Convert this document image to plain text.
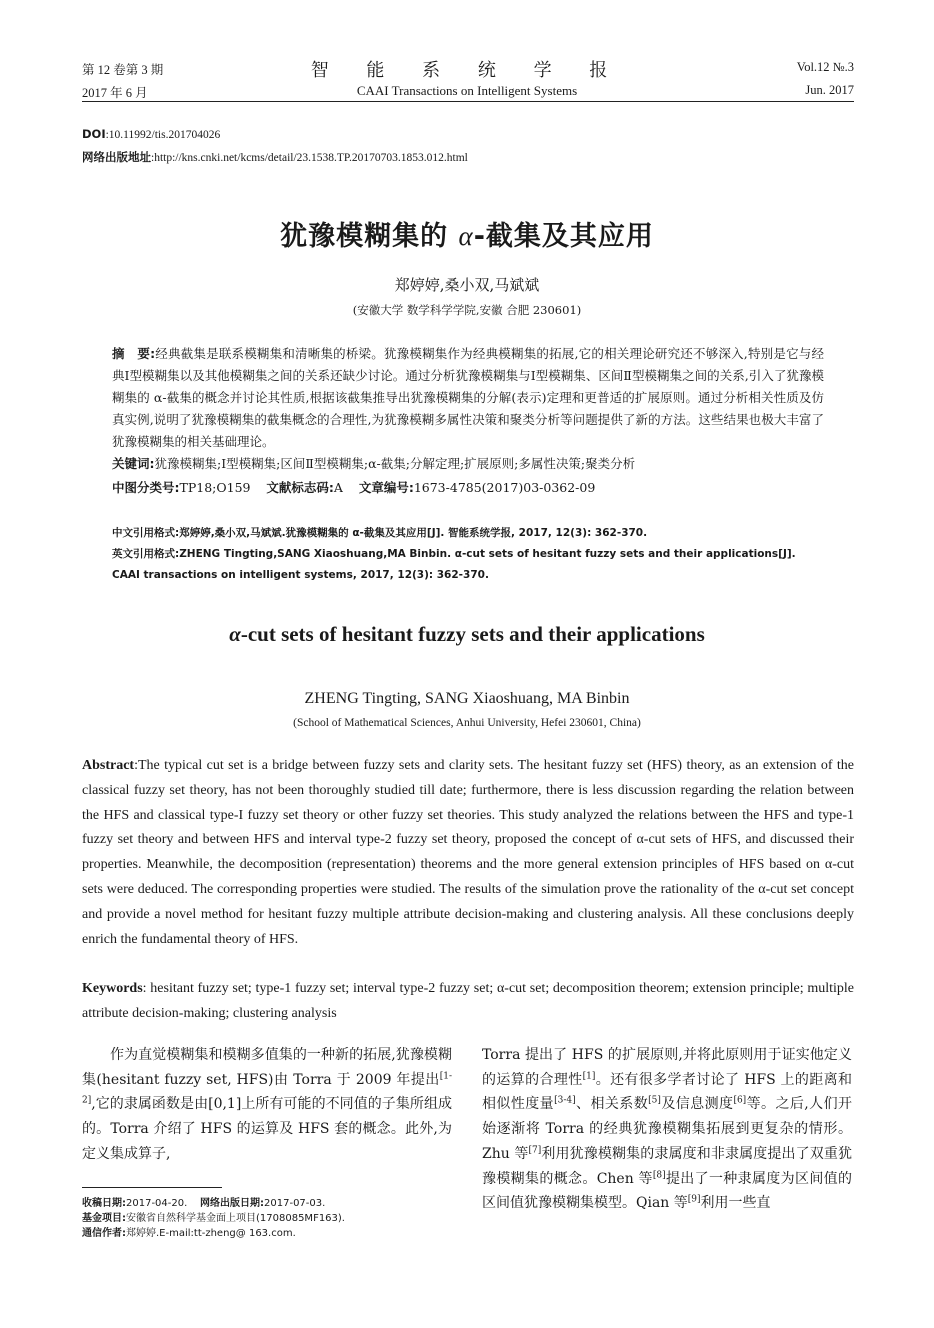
第 12 卷第 3 期
2017 年 6 月
智 能 系 统 学 报
CAAI Transactions on Intelligent Systems
Vol.12 №.3
Jun. 2017
DOI:10.11992/tis.201704026
网络出版地址:http://kns.cnki.net/kcms/detail/23.1538.TP.20170703.1853.012.html
犹豫模糊集的 α-截集及其应用
郑婷婷,桑小双,马斌斌
(安徽大学 数学科学学院,安徽 合肥 230601)
摘　要:经典截集是联系模糊集和清晰集的桥梁。犹豫模糊集作为经典模糊集的拓展,它的相关理论研究还不够深入,特别是它与经典Ⅰ型模糊集以及其他模糊集之间的关系还缺少讨论。通过分析犹豫模糊集与Ⅰ型模糊集、区间Ⅱ型模糊集之间的关系,引入了犹豫模糊集的 α-截集的概念并讨论其性质,根据该截集推导出犹豫模糊集的分解(表示)定理和更普适的扩展原则。通过分析相关性质及仿真实例,说明了犹豫模糊集的截集概念的合理性,为犹豫模糊多属性决策和聚类分析等问题提供了新的方法。这些结果也极大丰富了犹豫模糊集的相关基础理论。
关键词:犹豫模糊集;Ⅰ型模糊集;区间Ⅱ型模糊集;α-截集;分解定理;扩展原则;多属性决策;聚类分析
中图分类号:TP18;O159 文献标志码:A 文章编号:1673-4785(2017)03-0362-09
中文引用格式:郑婷婷,桑小双,马斌斌.犹豫模糊集的 α-截集及其应用[J]. 智能系统学报, 2017, 12(3): 362-370.
英文引用格式:ZHENG Tingting,SANG Xiaoshuang,MA Binbin. α-cut sets of hesitant fuzzy sets and their applications[J]. CAAI transactions on intelligent systems, 2017, 12(3): 362-370.
α-cut sets of hesitant fuzzy sets and their applications
ZHENG Tingting, SANG Xiaoshuang, MA Binbin
(School of Mathematical Sciences, Anhui University, Hefei 230601, China)
Abstract:The typical cut set is a bridge between fuzzy sets and clarity sets. The hesitant fuzzy set (HFS) theory, as an extension of the classical fuzzy set theory, has not been thoroughly studied till date; furthermore, there is less discussion regarding the relation between the HFS and classical type-I fuzzy set theory or other fuzzy set theories. This study analyzed the relations between the HFS and type-1 fuzzy set theory and between HFS and interval type-2 fuzzy set theory, proposed the concept of α-cut sets of HFS, and discussed their properties. Meanwhile, the decomposition (representation) theorems and the more general extension principles of HFS based on α-cut sets were deduced. The corresponding properties were studied. The results of the simulation prove the rationality of the α-cut set concept and provide a novel method for hesitant fuzzy multiple attribute decision-making and clustering analysis. All these conclusions deeply enrich the fundamental theory of HFS.
Keywords: hesitant fuzzy set; type-1 fuzzy set; interval type-2 fuzzy set; α-cut set; decomposition theorem; extension principle; multiple attribute decision-making; clustering analysis

作为直觉模糊集和模糊多值集的一种新的拓展,犹豫模糊集(hesitant fuzzy set, HFS)由 Torra 于 2009 年提出[1-2],它的隶属函数是由[0,1]上所有可能的不同值的子集所组成的。Torra 介绍了 HFS 的运算及 HFS 套的概念。此外,为定义集成算子,

收稿日期:2017-04-20. 网络出版日期:2017-07-03.
基金项目:安徽省自然科学基金面上项目(1708085MF163).
通信作者:郑婷婷.E-mail:tt-zheng@ 163.com.

Torra 提出了 HFS 的扩展原则,并将此原则用于证实他定义的运算的合理性[1]。还有很多学者讨论了 HFS 上的距离和相似性度量[3-4]、相关系数[5]及信息测度[6]等。之后,人们开始逐渐将 Torra 的经典犹豫模糊集拓展到更复杂的情形。Zhu 等[7]利用犹豫模糊集的隶属度和非隶属度提出了双重犹豫模糊集的概念。Chen 等[8]提出了一种隶属度为区间值的区间值犹豫模糊集模型。Qian 等[9]利用一些直
